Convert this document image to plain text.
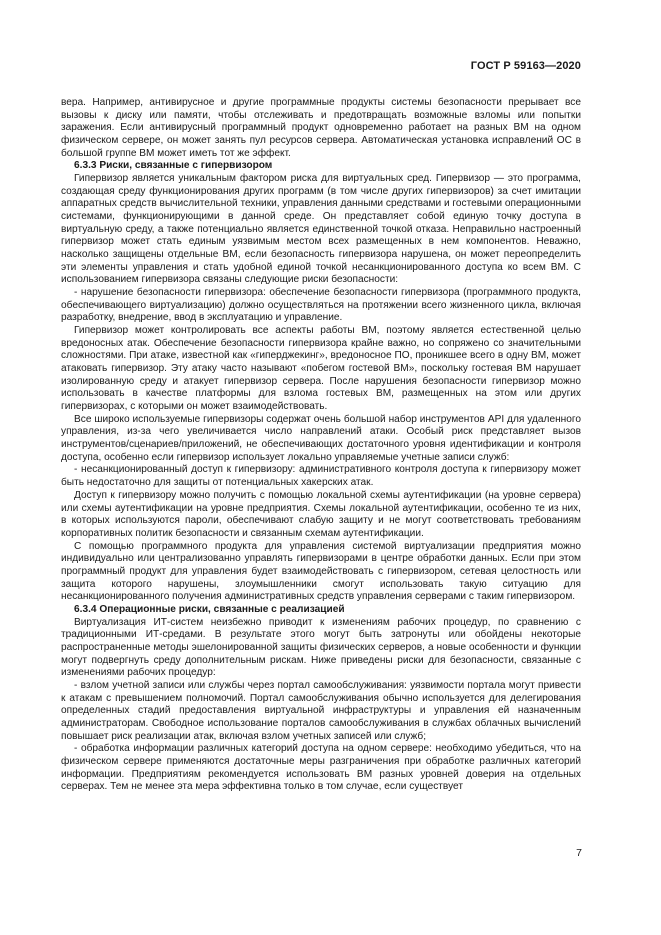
ГОСТ Р 59163—2020

вера. Например, антивирусное и другие программные продукты системы безопасности прерывает все вызовы к диску или памяти, чтобы отслеживать и предотвращать возможные взломы или попытки заражения. Если антивирусный программный продукт одновременно работает на разных ВМ на одном физическом сервере, он может занять пул ресурсов сервера. Автоматическая установка исправлений ОС в большой группе ВМ может иметь тот же эффект.

6.3.3 Риски, связанные с гипервизором

Гипервизор является уникальным фактором риска для виртуальных сред. Гипервизор — это программа, создающая среду функционирования других программ (в том числе других гипервизоров) за счет имитации аппаратных средств вычислительной техники, управления данными средствами и гостевыми операционными системами, функционирующими в данной среде. Он представляет собой единую точку доступа в виртуальную среду, а также потенциально является единственной точкой отказа. Неправильно настроенный гипервизор может стать единым уязвимым местом всех размещенных в нем компонентов. Неважно, насколько защищены отдельные ВМ, если безопасность гипервизора нарушена, он может переопределить эти элементы управления и стать удобной единой точкой несанкционированного доступа ко всем ВМ. С использованием гипервизора связаны следующие риски безопасности:

- нарушение безопасности гипервизора: обеспечение безопасности гипервизора (программного продукта, обеспечивающего виртуализацию) должно осуществляться на протяжении всего жизненного цикла, включая разработку, внедрение, ввод в эксплуатацию и управление.

Гипервизор может контролировать все аспекты работы ВМ, поэтому является естественной целью вредоносных атак. Обеспечение безопасности гипервизора крайне важно, но сопряжено со значительными сложностями. При атаке, известной как «гиперджекинг», вредоносное ПО, проникшее всего в одну ВМ, может атаковать гипервизор. Эту атаку часто называют «побегом гостевой ВМ», поскольку гостевая ВМ нарушает изолированную среду и атакует гипервизор сервера. После нарушения безопасности гипервизор можно использовать в качестве платформы для взлома гостевых ВМ, размещенных на этом или других гипервизорах, с которыми он может взаимодействовать.

Все широко используемые гипервизоры содержат очень большой набор инструментов API для удаленного управления, из-за чего увеличивается число направлений атаки. Особый риск представляет вызов инструментов/сценариев/приложений, не обеспечивающих достаточного уровня идентификации и контроля доступа, особенно если гипервизор использует локально управляемые учетные записи служб:

- несанкционированный доступ к гипервизору: административного контроля доступа к гипервизору может быть недостаточно для защиты от потенциальных хакерских атак.

Доступ к гипервизору можно получить с помощью локальной схемы аутентификации (на уровне сервера) или схемы аутентификации на уровне предприятия. Схемы локальной аутентификации, особенно те из них, в которых используются пароли, обеспечивают слабую защиту и не могут соответствовать требованиям корпоративных политик безопасности и связанным схемам аутентификации.

С помощью программного продукта для управления системой виртуализации предприятия можно индивидуально или централизованно управлять гипервизорами в центре обработки данных. Если при этом программный продукт для управления будет взаимодействовать с гипервизором, сетевая целостность или защита которого нарушены, злоумышленники смогут использовать такую ситуацию для несанкционированного получения административных средств управления серверами с таким гипервизором.

6.3.4 Операционные риски, связанные с реализацией

Виртуализация ИТ-систем неизбежно приводит к изменениям рабочих процедур, по сравнению с традиционными ИТ-средами. В результате этого могут быть затронуты или обойдены некоторые распространенные методы эшелонированной защиты физических серверов, а новые особенности и функции могут подвергнуть среду дополнительным рискам. Ниже приведены риски для безопасности, связанные с изменениями рабочих процедур:

- взлом учетной записи или службы через портал самообслуживания: уязвимости портала могут привести к атакам с превышением полномочий. Портал самообслуживания обычно используется для делегирования определенных стадий предоставления виртуальной инфраструктуры и управления ей назначенным администраторам. Свободное использование порталов самообслуживания в службах облачных вычислений повышает риск реализации атак, включая взлом учетных записей или служб;

- обработка информации различных категорий доступа на одном сервере: необходимо убедиться, что на физическом сервере применяются достаточные меры разграничения при обработке различных категорий информации. Предприятиям рекомендуется использовать ВМ разных уровней доверия на отдельных серверах. Тем не менее эта мера эффективна только в том случае, если существует

7
